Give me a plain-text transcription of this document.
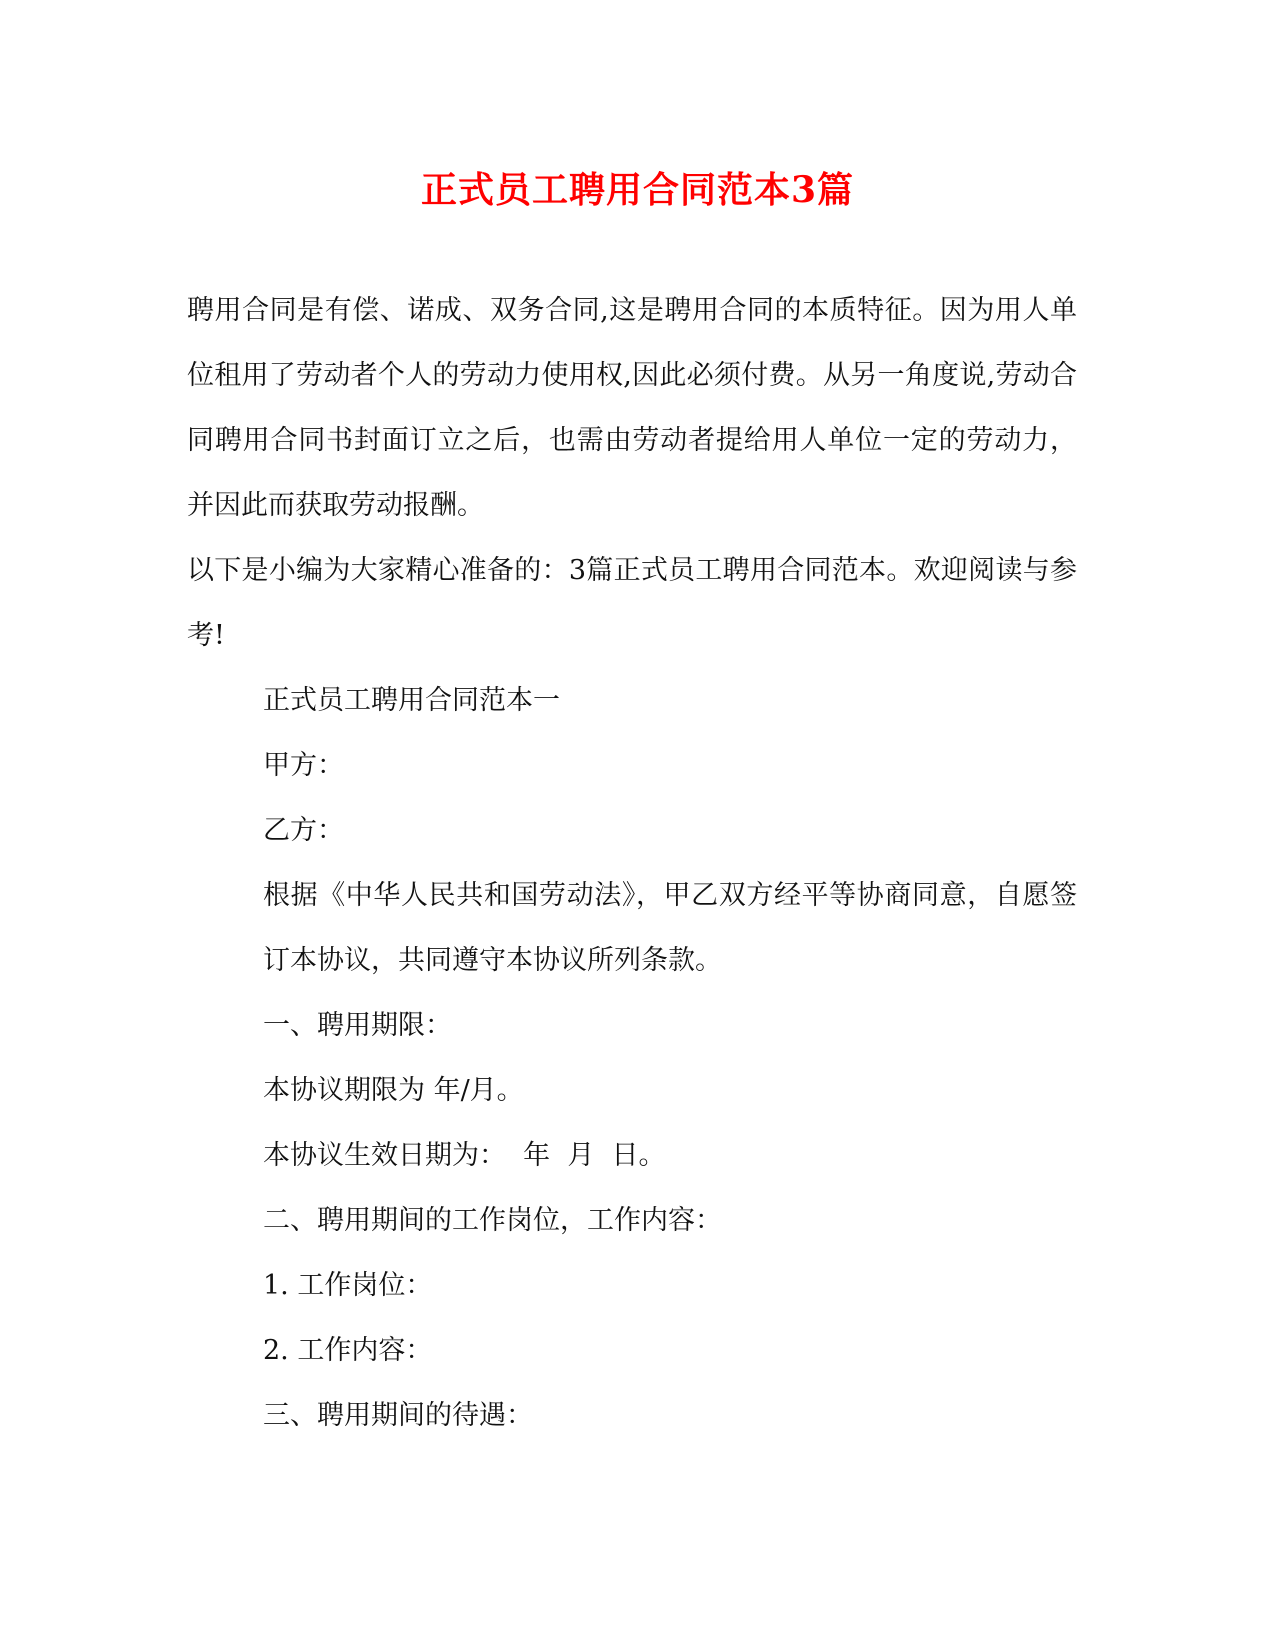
正式员工聘用合同范本3篇

聘用合同是有偿、诺成、双务合同,这是聘用合同的本质特征。因为用人单位租用了劳动者个人的劳动力使用权,因此必须付费。从另一角度说,劳动合同聘用合同书封面订立之后，也需由劳动者提给用人单位一定的劳动力，并因此而获取劳动报酬。

以下是小编为大家精心准备的：3篇正式员工聘用合同范本。欢迎阅读与参考!

正式员工聘用合同范本一

甲方：

乙方：

根据《中华人民共和国劳动法》，甲乙双方经平等协商同意，自愿签订本协议，共同遵守本协议所列条款。

一、聘用期限：

本协议期限为 年/月。

本协议生效日期为：  年  月  日。

二、聘用期间的工作岗位，工作内容：

1. 工作岗位：

2. 工作内容：

三、聘用期间的待遇：
